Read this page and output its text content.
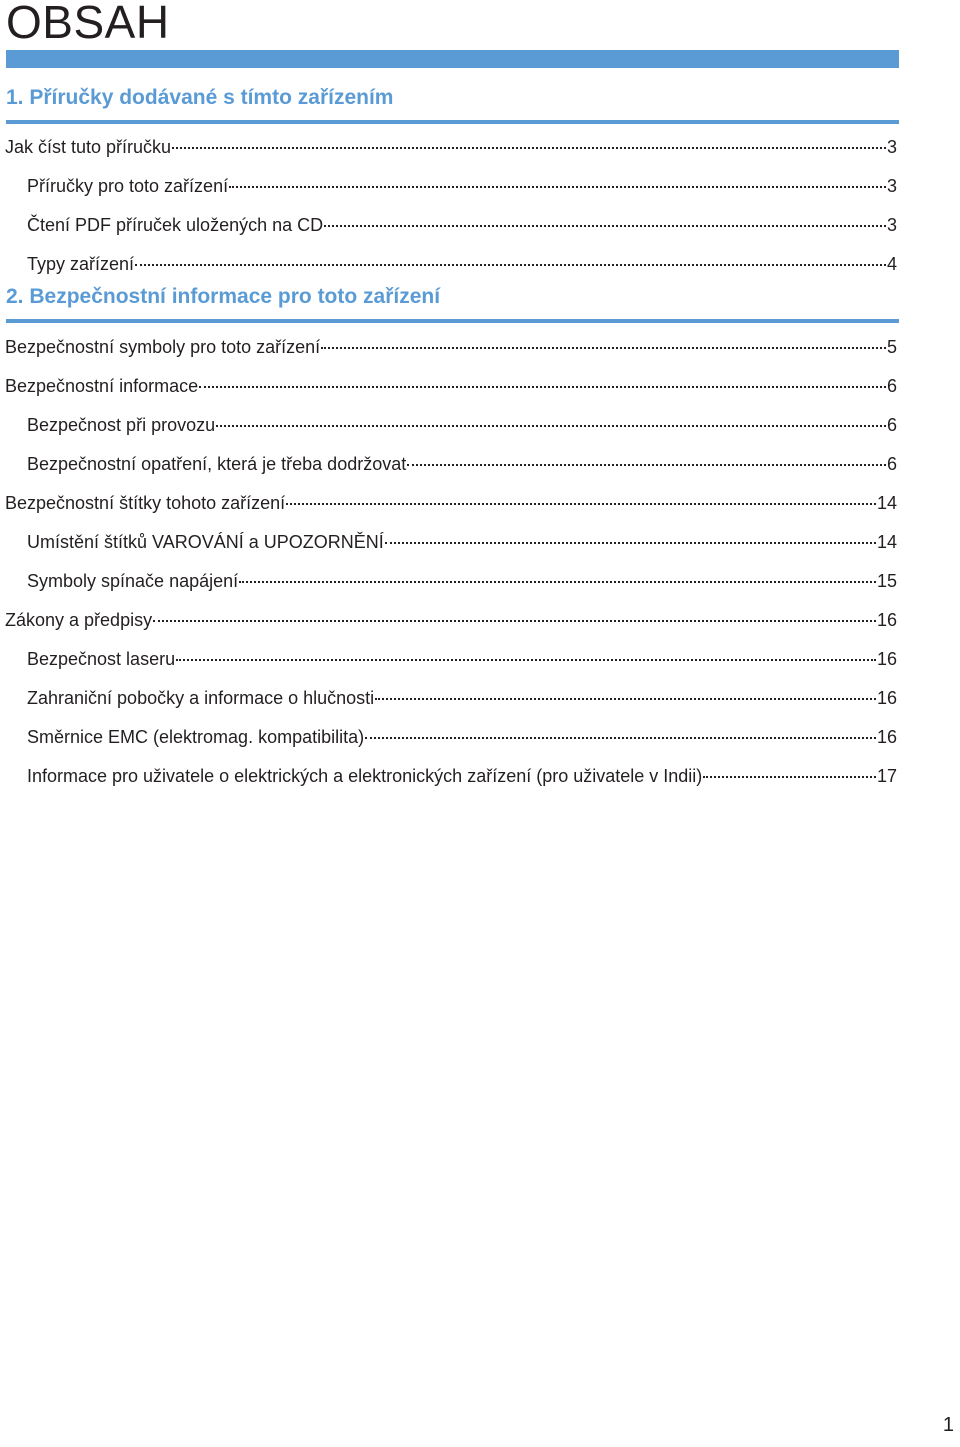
OBSAH
1. Příručky dodávané s tímto zařízením
Jak číst tuto příručku	3
Příručky pro toto zařízení	3
Čtení PDF příruček uložených na CD	3
Typy zařízení	4
2. Bezpečnostní informace pro toto zařízení
Bezpečnostní symboly pro toto zařízení	5
Bezpečnostní informace	6
Bezpečnost při provozu	6
Bezpečnostní opatření, která je třeba dodržovat	6
Bezpečnostní štítky tohoto zařízení	14
Umístění štítků VAROVÁNÍ a UPOZORNĚNÍ	14
Symboly spínače napájení	15
Zákony a předpisy	16
Bezpečnost laseru	16
Zahraniční pobočky a informace o hlučnosti	16
Směrnice EMC (elektromag. kompatibilita)	16
Informace pro uživatele o elektrických a elektronických zařízení (pro uživatele v Indii)	17
1
